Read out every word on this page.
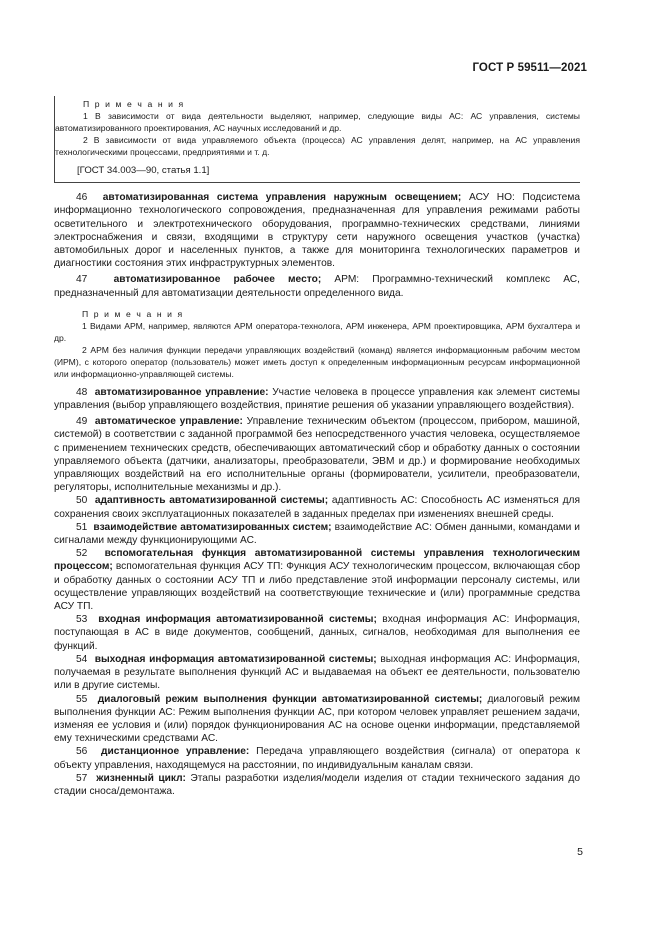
ГОСТ Р 59511—2021
П р и м е ч а н и я
1 В зависимости от вида деятельности выделяют, например, следующие виды АС: АС управления, системы автоматизированного проектирования, АС научных исследований и др.
2 В зависимости от вида управляемого объекта (процесса) АС управления делят, например, на АС управления технологическими процессами, предприятиями и т. д.
[ГОСТ 34.003—90, статья 1.1]

46 автоматизированная система управления наружным освещением; АСУ НО: Подсистема информационно технологического сопровождения, предназначенная для управления режимами работы осветительного и электротехнического оборудования, программно-технических средствами, линиями электроснабжения и связи, входящими в структуру сети наружного освещения участков (участка) автомобильных дорог и населенных пунктов, а также для мониторинга технологических параметров и диагностики состояния этих инфраструктурных элементов.

47	автоматизированное рабочее место; АРМ: Программно-технический комплекс АС, предназначенный для автоматизации деятельности определенного вида.

П р и м е ч а н и я
1 Видами АРМ, например, являются АРМ оператора-технолога, АРМ инженера, АРМ проектировщика, АРМ бухгалтера и др.
2 АРМ без наличия функции передачи управляющих воздействий (команд) является информационным рабочим местом (ИРМ), с которого оператор (пользователь) может иметь доступ к определенным информационным ресурсам информационной или информационно-управляющей системы.

48 автоматизированное управление: Участие человека в процессе управления как элемент системы управления (выбор управляющего воздействия, принятие решения об указании управляющего воздействия).

49 автоматическое управление: Управление техническим объектом (процессом, прибором, машиной, системой) в соответствии с заданной программой без непосредственного участия человека, осуществляемое с применением технических средств, обеспечивающих автоматический сбор и обработку данных о состоянии управляемого объекта (датчики, анализаторы, преобразователи, ЭВМ и др.) и формирование необходимых управляющих воздействий на его исполнительные органы (формирователи, усилители, преобразователи, регуляторы, исполнительные механизмы и др.).

50 адаптивность автоматизированной системы; адаптивность АС: Способность АС изменяться для сохранения своих эксплуатационных показателей в заданных пределах при изменениях внешней среды.

51 взаимодействие автоматизированных систем; взаимодействие АС: Обмен данными, командами и сигналами между функционирующими АС.

52 вспомогательная функция автоматизированной системы управления технологическим процессом; вспомогательная функция АСУ ТП: Функция АСУ технологическим процессом, включающая сбор и обработку данных о состоянии АСУ ТП и либо представление этой информации персоналу системы, или осуществление управляющих воздействий на соответствующие технические и (или) программные средства АСУ ТП.

53 входная информация автоматизированной системы; входная информация АС: Информация, поступающая в АС в виде документов, сообщений, данных, сигналов, необходимая для выполнения ее функций.

54 выходная информация автоматизированной системы; выходная информация АС: Информация, получаемая в результате выполнения функций АС и выдаваемая на объект ее деятельности, пользователю или в другие системы.

55 диалоговый режим выполнения функции автоматизированной системы; диалоговый режим выполнения функции АС: Режим выполнения функции АС, при котором человек управляет решением задачи, изменяя ее условия и (или) порядок функционирования АС на основе оценки информации, представляемой ему техническими средствами АС.

56 дистанционное управление: Передача управляющего воздействия (сигнала) от оператора к объекту управления, находящемуся на расстоянии, по индивидуальным каналам связи.

57 жизненный цикл: Этапы разработки изделия/модели изделия от стадии технического задания до стадии сноса/демонтажа.

5
